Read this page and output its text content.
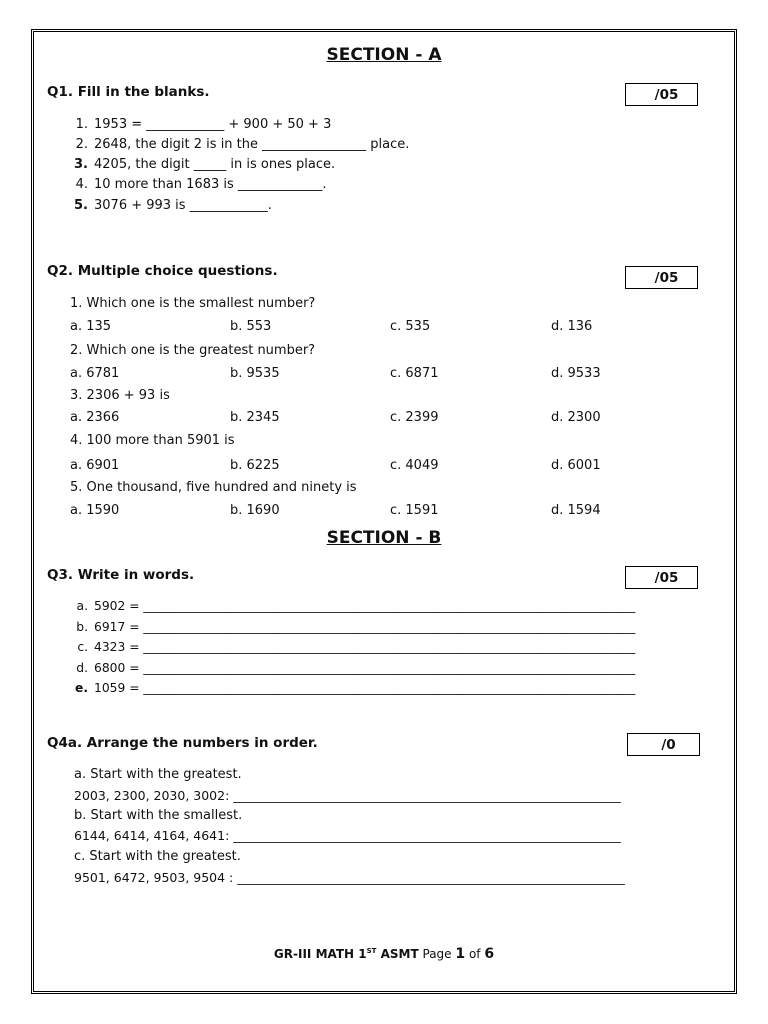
SECTION - A
Q1. Fill in the blanks.	/05
1. 1953 = ____________ + 900 + 50 + 3
2. 2648, the digit 2 is in the ________________ place.
3. 4205, the digit _____ in is ones place.
4. 10 more than 1683 is _____________.
5. 3076 + 993 is ____________.
Q2. Multiple choice questions.	/05
1. Which one is the smallest number?
a. 135	b. 553	c. 535	d. 136
2. Which one is the greatest number?
a. 6781	b. 9535	c. 6871	d. 9533
3. 2306 + 93 is
a. 2366	b. 2345	c. 2399	d. 2300
4. 100 more than 5901 is
a. 6901	b. 6225	c. 4049	d. 6001
5. One thousand, five hundred and ninety is
a. 1590	b. 1690	c. 1591	d. 1594
SECTION - B
Q3. Write in words.	/05
a. 5902 = ________________________________________________________________________________
b. 6917 = ________________________________________________________________________________
c. 4323 = ________________________________________________________________________________
d. 6800 = ________________________________________________________________________________
e. 1059 = ________________________________________________________________________________
Q4a. Arrange the numbers in order.	/0
a. Start with the greatest.
2003, 2300, 2030, 3002: ______________________________________________________________
b. Start with the smallest.
6144, 6414, 4164, 4641: ______________________________________________________________
c. Start with the greatest.
9501, 6472, 9503, 9504 : ______________________________________________________________
GR-III MATH 1ST ASMT Page 1 of 6
